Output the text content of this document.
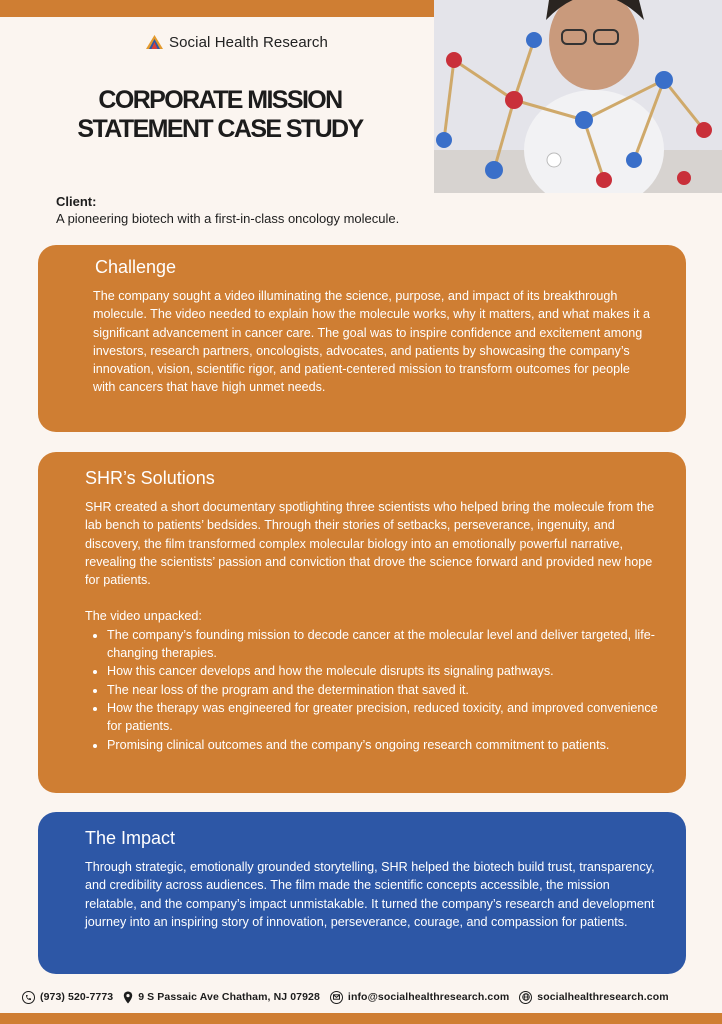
Social Health Research
CORPORATE MISSION
STATEMENT CASE STUDY
Client:
A pioneering biotech with a first-in-class oncology molecule.
Challenge

The company sought a video illuminating the science, purpose, and impact of its breakthrough molecule. The video needed to explain how the molecule works, why it matters, and what makes it a significant advancement in cancer care. The goal was to inspire confidence and excitement among investors, research partners, oncologists, advocates, and patients by showcasing the company’s innovation, vision, scientific rigor, and patient-centered mission to transform outcomes for people with cancers that have high unmet needs.

SHR’s Solutions
SHR created a short documentary spotlighting three scientists who helped bring the molecule from the lab bench to patients’ bedsides. Through their stories of setbacks, perseverance, ingenuity, and discovery, the film transformed complex molecular biology into an emotionally powerful narrative, revealing the scientists’ passion and conviction that drove the science forward and provided new hope for patients.
The video unpacked:
• The company’s founding mission to decode cancer at the molecular level and deliver targeted, life-changing therapies.
• How this cancer develops and how the molecule disrupts its signaling pathways.
• The near loss of the program and the determination that saved it.
• How the therapy was engineered for greater precision, reduced toxicity, and improved convenience for patients.
• Promising clinical outcomes and the company’s ongoing research commitment to patients.
The Impact

Through strategic, emotionally grounded storytelling, SHR helped the biotech build trust, transparency, and credibility across audiences. The film made the scientific concepts accessible, the mission relatable, and the company’s impact unmistakable. It turned the company’s research and development journey into an inspiring story of innovation, perseverance, courage, and compassion for patients.

(973) 520-7773 9 S Passaic Ave Chatham, NJ 07928	info@socialhealthresearch.com	socialhealthresearch.com
